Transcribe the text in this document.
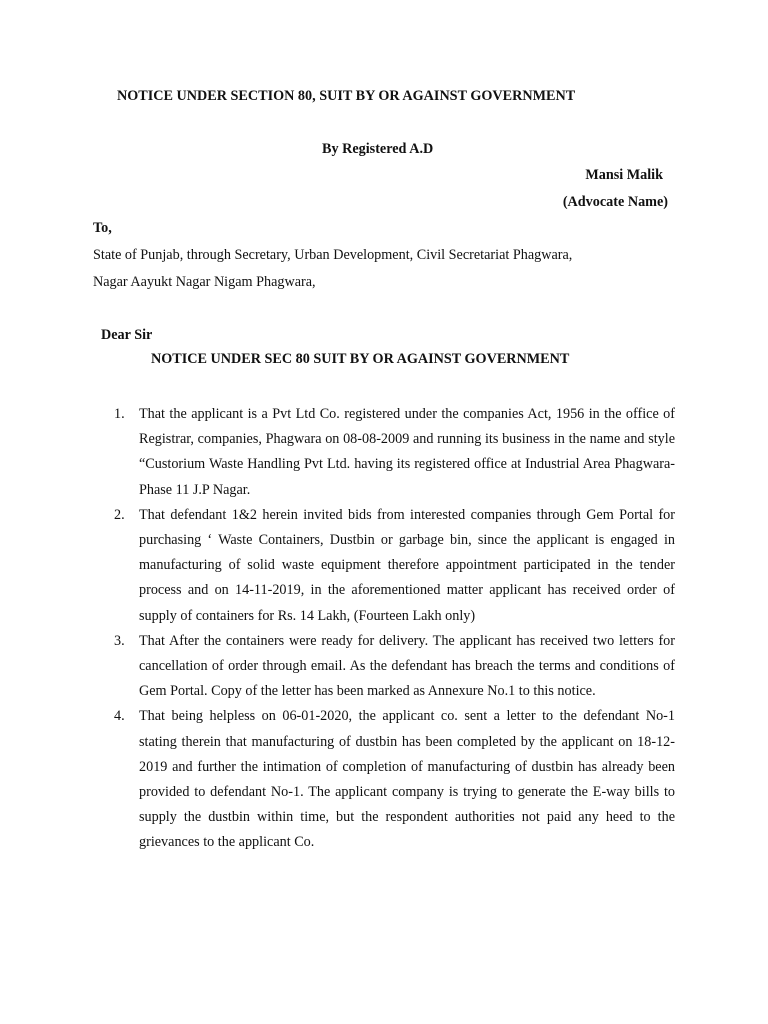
NOTICE UNDER SECTION 80, SUIT BY OR AGAINST GOVERNMENT
By Registered A.D
Mansi Malik
(Advocate Name)
To,
State of Punjab, through Secretary, Urban Development, Civil Secretariat Phagwara,
Nagar Aayukt Nagar Nigam Phagwara,
Dear Sir
NOTICE UNDER SEC 80 SUIT BY OR AGAINST GOVERNMENT
1. That the applicant is a Pvt Ltd Co. registered under the companies Act, 1956 in the office of Registrar, companies, Phagwara on 08-08-2009 and running its business in the name and style “Custorium Waste Handling Pvt Ltd. having its registered office at Industrial Area Phagwara-Phase 11 J.P Nagar.
2. That defendant 1&2 herein invited bids from interested companies through Gem Portal for purchasing ‘ Waste Containers, Dustbin or garbage bin, since the applicant is engaged in manufacturing of solid waste equipment therefore appointment participated in the tender process and on 14-11-2019, in the aforementioned matter applicant has received order of supply of containers for Rs. 14 Lakh, (Fourteen Lakh only)
3. That After the containers were ready for delivery. The applicant has received two letters for cancellation of order through email. As the defendant has breach the terms and conditions of Gem Portal. Copy of the letter has been marked as Annexure No.1 to this notice.
4. That being helpless on 06-01-2020, the applicant co. sent a letter to the defendant No-1 stating therein that manufacturing of dustbin has been completed by the applicant on 18-12-2019 and further the intimation of completion of manufacturing of dustbin has already been provided to defendant No-1. The applicant company is trying to generate the E-way bills to supply the dustbin within time, but the respondent authorities not paid any heed to the grievances to the applicant Co.
